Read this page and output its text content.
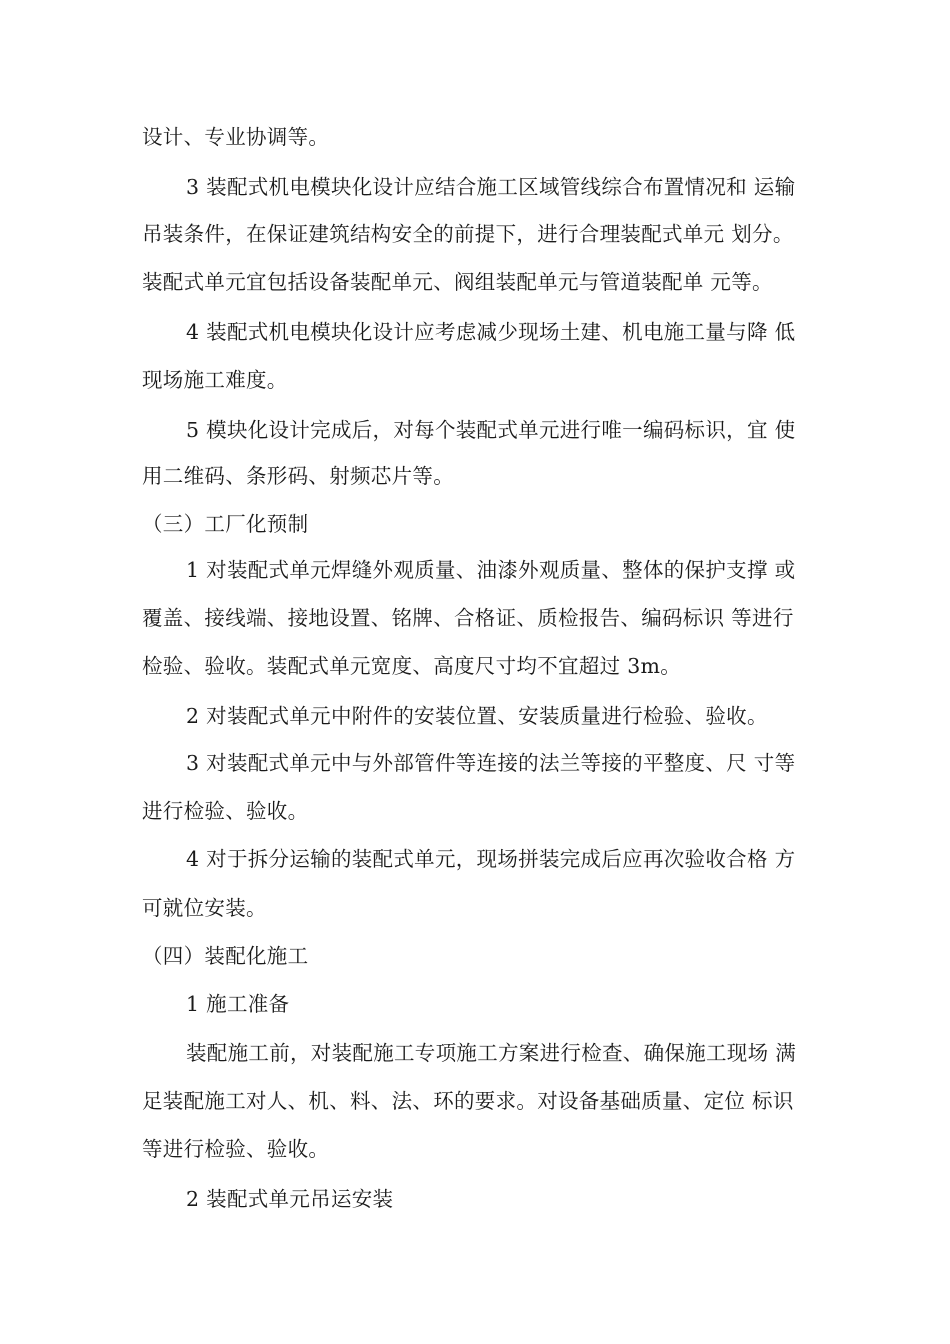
设计、专业协调等。
3 装配式机电模块化设计应结合施工区域管线综合布置情况和 运输
吊装条件，在保证建筑结构安全的前提下，进行合理装配式单元 划分。
装配式单元宜包括设备装配单元、阀组装配单元与管道装配单 元等。
4 装配式机电模块化设计应考虑减少现场土建、机电施工量与降 低
现场施工难度。
5 模块化设计完成后，对每个装配式单元进行唯一编码标识，宜 使
用二维码、条形码、射频芯片等。
（三）工厂化预制
1 对装配式单元焊缝外观质量、油漆外观质量、整体的保护支撑 或
覆盖、接线端、接地设置、铭牌、合格证、质检报告、编码标识 等进行
检验、验收。装配式单元宽度、高度尺寸均不宜超过 3m。
2 对装配式单元中附件的安装位置、安装质量进行检验、验收。
3 对装配式单元中与外部管件等连接的法兰等接的平整度、尺 寸等
进行检验、验收。
4 对于拆分运输的装配式单元，现场拼装完成后应再次验收合格 方
可就位安装。
（四）装配化施工
1 施工准备
装配施工前，对装配施工专项施工方案进行检查、确保施工现场 满
足装配施工对人、机、料、法、环的要求。对设备基础质量、定位 标识
等进行检验、验收。
2 装配式单元吊运安装
